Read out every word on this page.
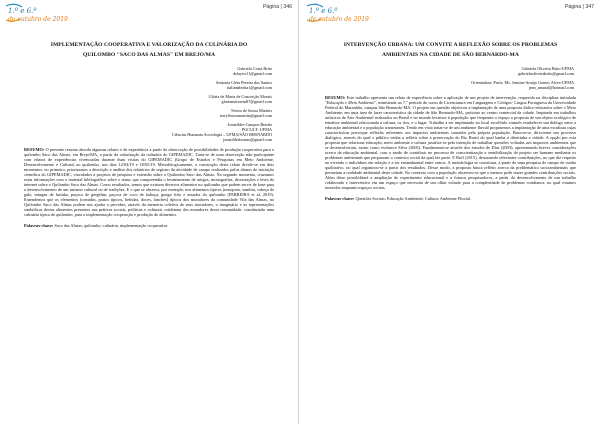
1.º e 6.º
de outubro de 2019
Página | 346
IMPLEMENTAÇÃO COOPERATIVA E VALORIZAÇÃO DA CULINÁRIA DO
QUILOMBO "SACO DAS ALMAS" EM BREJO/MA
Gabriela Costa Brito
delayrts11@gmail.com
Anttonia Cléia Pereira dos Santos
italianabritta1@gmail.com
Glória de Maria de Conceição Morais
gloriamariavm87@gmail.com
Tereza de Sousa Martins
terrySousamartins@gmail.com
Jonatildes Campos Brasão
PGCULT- UFMA
Ciências Humanas Sociologia – UFMA/SÃO BERNARDO
jonatildesbrasao@gmail.com
RESUMO: O presente resumo aborda algumas relatos e de experiência a partir da observação de possibilidades de produção cooperativa para o quilombo Saco das Almas, em Brejo/MA, a partir da valorização da culinária do GIPEMADIC. Trata-se de uma observação não-participante com relatos de experiências vivenciadas durante duas visitas do GIPEMADIC (Grupo de Estudos e Pesquisas em Meio Ambiente, Desenvolvimento e Cultura) ao quilombo, nos dias 12/04/19 e 18/05/19. Metodologicamente, a construção deste relato divide-se em dois momentos: no primeiro, priorizamos a descrição e análise dos relatórios de registro da atividade de campo realizados pelos alunos de iniciação científica do GIPEMADIC, vinculados a projetos de pesquisa e extensão sobre o Quilombo Saco das Almas. No segundo momento, cruzamos estas informações com o material bibliográfico sobre o tema; que compreendia o levantamento de artigos, monografias, dissertações e teses de internet sobre o Quilombo Saco das Almas. Como resultados, temos que existem diversos alimentos no quilombo que podem servir de base para o desenvolvimento de um turismo cultural ou de tradições. E o que se observa, por exemplo, nos alimentos típicos (mesquita, xambiu, cabeça de galo, mingau de farinha, paçoca de gergelim, paçoca de coco de babaçu, gongo frito e assados do quilombo (FERREIRA et al, 2019). Entendemos que os elementos (comidas, pratos típicos, bebidas, doces, lanches) típicos dos moradores da comunidade Vila das Almas, no Quilombo Saco das Almas podem nos ajudar a perceber, através da memória coletiva de seus moradores, o imaginário e as representações simbólicas destas alimentos presentes nas práticas sociais, políticas e culturais cotidianas dos moradores desta comunidade, constituindo uma culinária típica do quilombo, para a implementação cooperação e produção de alimentos.
Palavras-chave: Saco das Almas; quilombo; culinária; implementação cooperativa.
1.º e 6.º
de outubro de 2019
Página | 347
INTERVENÇÃO URBANA: UM CONVITE A REFLEXÃO SOBRE OS PROBLEMAS
AMBIENTAIS NA CIDADE DE SÃO BERNARDO-MA
Gabriela Oliveira Brito-UFMA
gabrielaoliveirabrito@gmail.com
Orientadora: Profa. Ms. Jeanine Araújo Gomes Alves-UFMA
jean_amaral@hotmail.com
RESUMO: Este trabalho apresenta um relato de experiência sobre a aplicação de um projeto de intervenção, requerido na disciplina intitulada "Educação e Meio Ambiente", ministrada no 7.º período do curso de Licenciatura em Linguagens e Códigos- Língua Portuguesa da Universidade Federal do Maranhão, campus São Bernardo-MA. O projeto em questão objetivou a implantação de uma proposta lúdico-educativa sobre o Meio Ambiente, em uma área de lazer característica da cidade de São Bernardo-MA, próximo ao centro comercial da cidade. Inspirada em trabalhos artísticos de Arte Ambiental realizados no Brasil e no mundo levamos à população que frequenta o espaço a proposta de um objeto ecológico de temática ambiental relacionada a cultura, os rios, e o lugar. Trabalho a ser implantado no local escolhido visando estabelecer um diálogo entre a educação ambiental e a população transeuntes. Tendo em vista tratar-se de um ambiente fluvial propusemos a implantação de uma escultura cujas características provoque reflexão referentes aos impactos ambientais causados pela própria população. Buscou-se, direcionar um processo dialógico, através do qual o público venha a refletir sobre a preservação do Rio Buriti do qual banha a ribeirinha e cidade. A opção por esta proposta que relaciona educação, meio ambiente e cultura justifica-se pela intenção de trabalhar questões voltadas aos impactos ambientais que se desenvolveram, assim como esclarece Silva (2005). Fundamenta-se através dos estudos de Dias (2003), apresentando breves considerações acerca da educação ambiental, com o modo de contribuir no processo de conscientização e sensibilização do projeto ser humano mediante os problemas ambientais que perpassam o contexto social da qual faz parte. E Boff (2015), destacando relevantes contribuições, no que diz respeito ao vivendo o individuos em relação e a ser ensambiental entre outros. A metodologia se constituiu, a partir de uma pesquisa de campo de cunho qualitativo, no qual organizou-se a partir dos resultados. Desse modo, a proposta busca refletir acerca da problemática socioambientais que permeiam a realidade ambiental deste cidade. No contexto com a população observou-se que o mesmo pode trazer grandes contribuições sociais. Além disso possibilitará a ampliação do experimento educacional e a futuros pesquisadores, a partir do desenvolvimento de um trabalho colaborado e interventivo em um espaço que necessita de um olhar voltado para a complexidade de problemas cotidianos, no qual estamos inseridos enquanto espaços sociais.
Palavras-chave: Questões Sociais; Educação Ambiental; Cultura; Ambiente Fluvial.
